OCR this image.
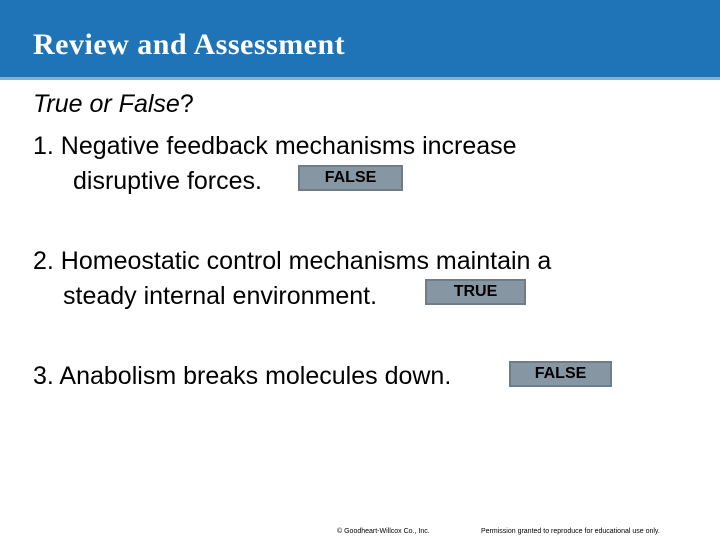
Review and Assessment
True or False?
1. Negative feedback mechanisms increase
disruptive forces.	FALSE
2. Homeostatic control mechanisms maintain a
steady internal environment.	TRUE
3. Anabolism breaks molecules down.	FALSE
© Goodheart-Willcox Co., Inc.	Permission granted to reproduce for educational use only.
